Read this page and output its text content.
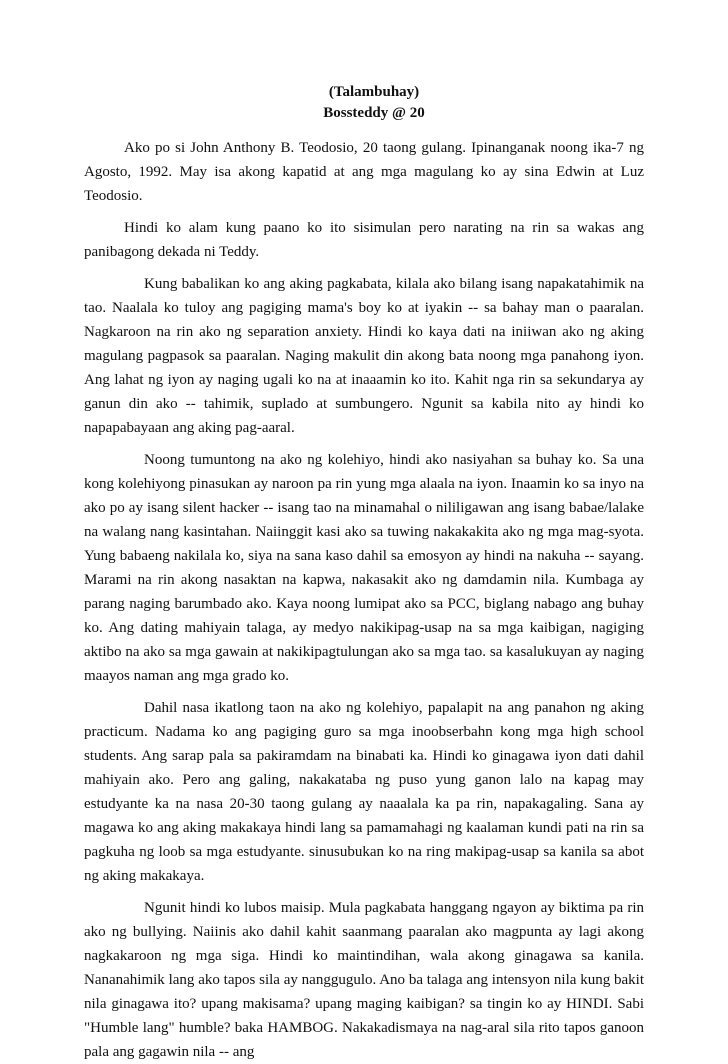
(Talambuhay)
Bossteddy @ 20

Ako po si John Anthony B. Teodosio, 20 taong gulang. Ipinanganak noong ika-7 ng Agosto, 1992. May isa akong kapatid at ang mga magulang ko ay sina Edwin at Luz Teodosio.

Hindi ko alam kung paano ko ito sisimulan pero narating na rin sa wakas ang panibagong dekada ni Teddy.

Kung babalikan ko ang aking pagkabata, kilala ako bilang isang napakatahimik na tao. Naalala ko tuloy ang pagiging mama's boy ko at iyakin -- sa bahay man o paaralan. Nagkaroon na rin ako ng separation anxiety. Hindi ko kaya dati na iniiwan ako ng aking magulang pagpasok sa paaralan. Naging makulit din akong bata noong mga panahong iyon. Ang lahat ng iyon ay naging ugali ko na at inaaamin ko ito. Kahit nga rin sa sekundarya ay ganun din ako -- tahimik, suplado at sumbungero. Ngunit sa kabila nito ay hindi ko napapabayaan ang aking pag-aaral.

Noong tumuntong na ako ng kolehiyo, hindi ako nasiyahan sa buhay ko. Sa una kong kolehiyong pinasukan ay naroon pa rin yung mga alaala na iyon. Inaamin ko sa inyo na ako po ay isang silent hacker -- isang tao na minamahal o nililigawan ang isang babae/lalake na walang nang kasintahan. Naiinggit kasi ako sa tuwing nakakakita ako ng mga mag-syota. Yung babaeng nakilala ko, siya na sana kaso dahil sa emosyon ay hindi na nakuha -- sayang. Marami na rin akong nasaktan na kapwa, nakasakit ako ng damdamin nila. Kumbaga ay parang naging barumbado ako. Kaya noong lumipat ako sa PCC, biglang nabago ang buhay ko. Ang dating mahiyain talaga, ay medyo nakikipag-usap na sa mga kaibigan, nagiging aktibo na ako sa mga gawain at nakikipagtulungan ako sa mga tao. sa kasalukuyan ay naging maayos naman ang mga grado ko.

Dahil nasa ikatlong taon na ako ng kolehiyo, papalapit na ang panahon ng aking practicum. Nadama ko ang pagiging guro sa mga inoobserbahn kong mga high school students. Ang sarap pala sa pakiramdam na binabati ka. Hindi ko ginagawa iyon dati dahil mahiyain ako. Pero ang galing, nakakataba ng puso yung ganon lalo na kapag may estudyante ka na nasa 20-30 taong gulang ay naaalala ka pa rin, napakagaling. Sana ay magawa ko ang aking makakaya hindi lang sa pamamahagi ng kaalaman kundi pati na rin sa pagkuha ng loob sa mga estudyante. sinusubukan ko na ring makipag-usap sa kanila sa abot ng aking makakaya.

Ngunit hindi ko lubos maisip. Mula pagkabata hanggang ngayon ay biktima pa rin ako ng bullying. Naiinis ako dahil kahit saanmang paaralan ako magpunta ay lagi akong nagkakaroon ng mga siga. Hindi ko maintindihan, wala akong ginagawa sa kanila. Nananahimik lang ako tapos sila ay nanggugulo. Ano ba talaga ang intensyon nila kung bakit nila ginagawa ito? upang makisama? upang maging kaibigan? sa tingin ko ay HINDI. Sabi "Humble lang" humble? baka HAMBOG. Nakakadismaya na nag-aral sila rito tapos ganoon pala ang gagawin nila -- ang
